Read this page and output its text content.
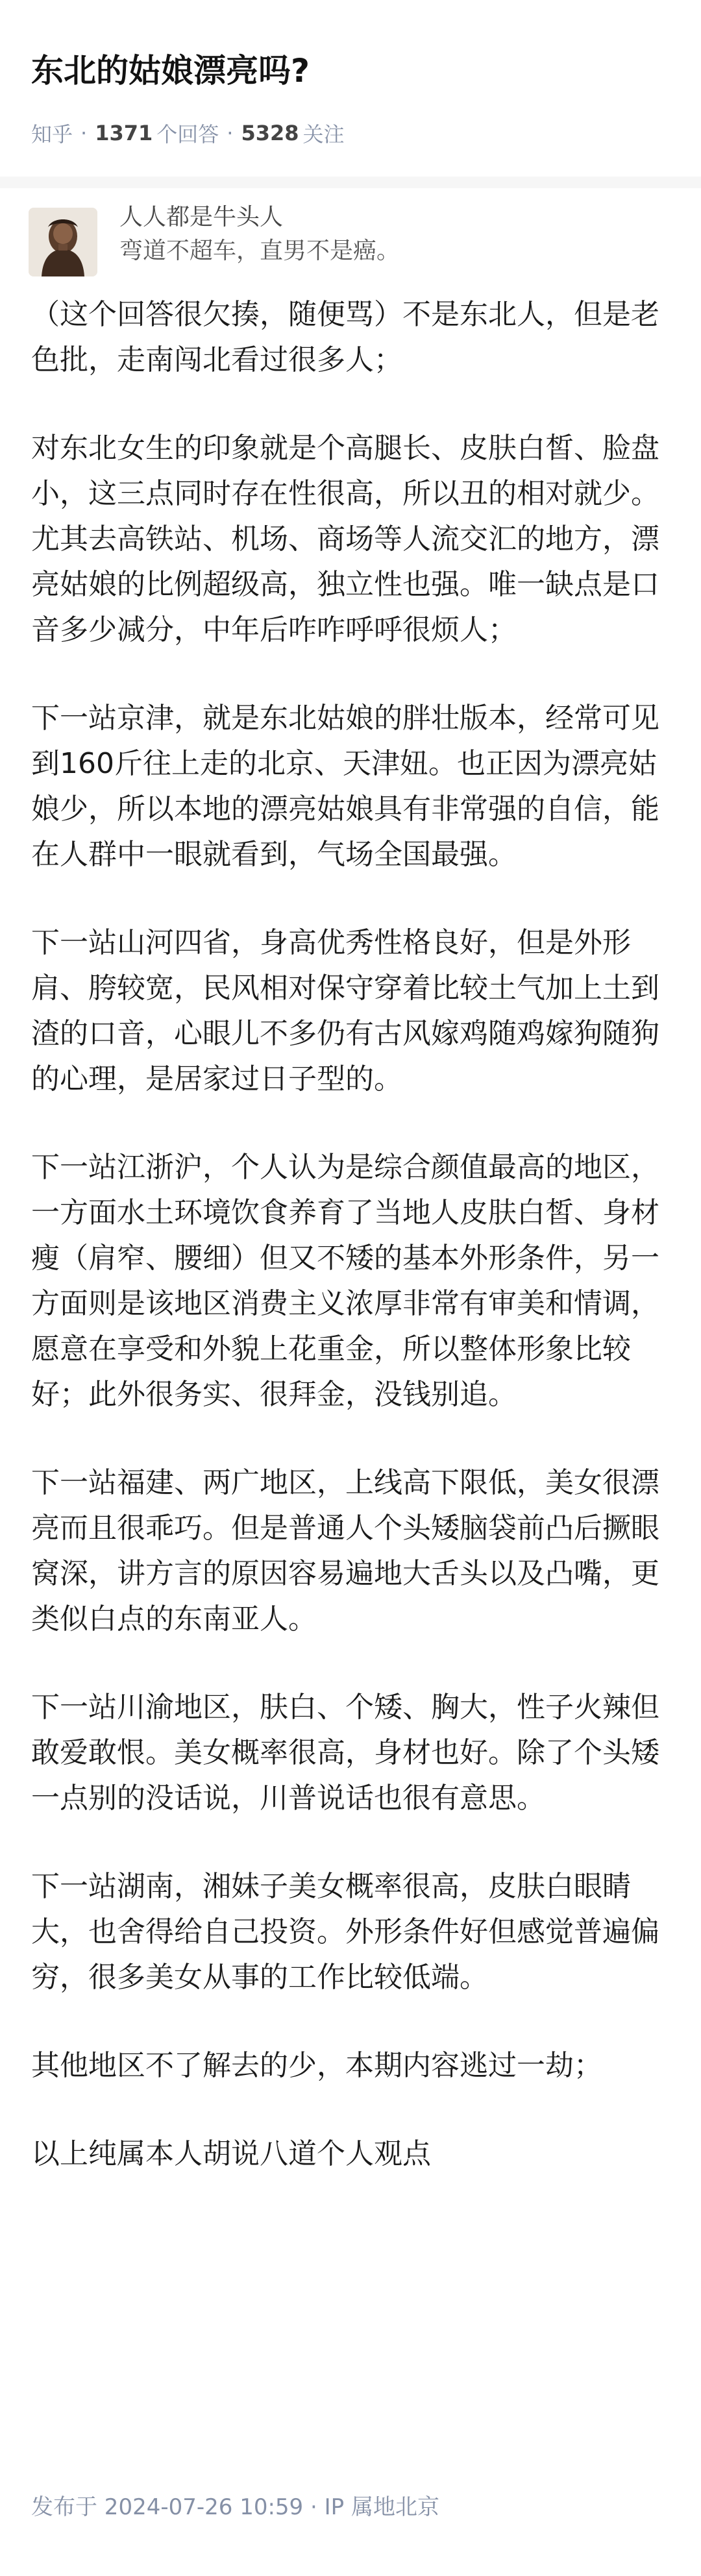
东北的姑娘漂亮吗?
知乎 · 1371 个回答 · 5328 关注
人人都是牛头人
弯道不超车，直男不是癌。

（这个回答很欠揍，随便骂）不是东北人，但是老色批，走南闯北看过很多人；

对东北女生的印象就是个高腿长、皮肤白皙、脸盘小，这三点同时存在性很高，所以丑的相对就少。尤其去高铁站、机场、商场等人流交汇的地方，漂亮姑娘的比例超级高，独立性也强。唯一缺点是口音多少减分，中年后咋咋呼呼很烦人；

下一站京津，就是东北姑娘的胖壮版本，经常可见到160斤往上走的北京、天津妞。也正因为漂亮姑娘少，所以本地的漂亮姑娘具有非常强的自信，能在人群中一眼就看到，气场全国最强。

下一站山河四省，身高优秀性格良好，但是外形肩、胯较宽，民风相对保守穿着比较土气加上土到渣的口音，心眼儿不多仍有古风嫁鸡随鸡嫁狗随狗的心理，是居家过日子型的。

下一站江浙沪，个人认为是综合颜值最高的地区，一方面水土环境饮食养育了当地人皮肤白皙、身材瘦（肩窄、腰细）但又不矮的基本外形条件，另一方面则是该地区消费主义浓厚非常有审美和情调，愿意在享受和外貌上花重金，所以整体形象比较好；此外很务实、很拜金，没钱别追。

下一站福建、两广地区，上线高下限低，美女很漂亮而且很乖巧。但是普通人个头矮脑袋前凸后撅眼窝深，讲方言的原因容易遍地大舌头以及凸嘴，更类似白点的东南亚人。

下一站川渝地区，肤白、个矮、胸大，性子火辣但敢爱敢恨。美女概率很高，身材也好。除了个头矮一点别的没话说，川普说话也很有意思。

下一站湖南，湘妹子美女概率很高，皮肤白眼睛大，也舍得给自己投资。外形条件好但感觉普遍偏穷，很多美女从事的工作比较低端。

其他地区不了解去的少，本期内容逃过一劫；

以上纯属本人胡说八道个人观点

发布于 2024-07-26 10:59 · IP 属地北京
